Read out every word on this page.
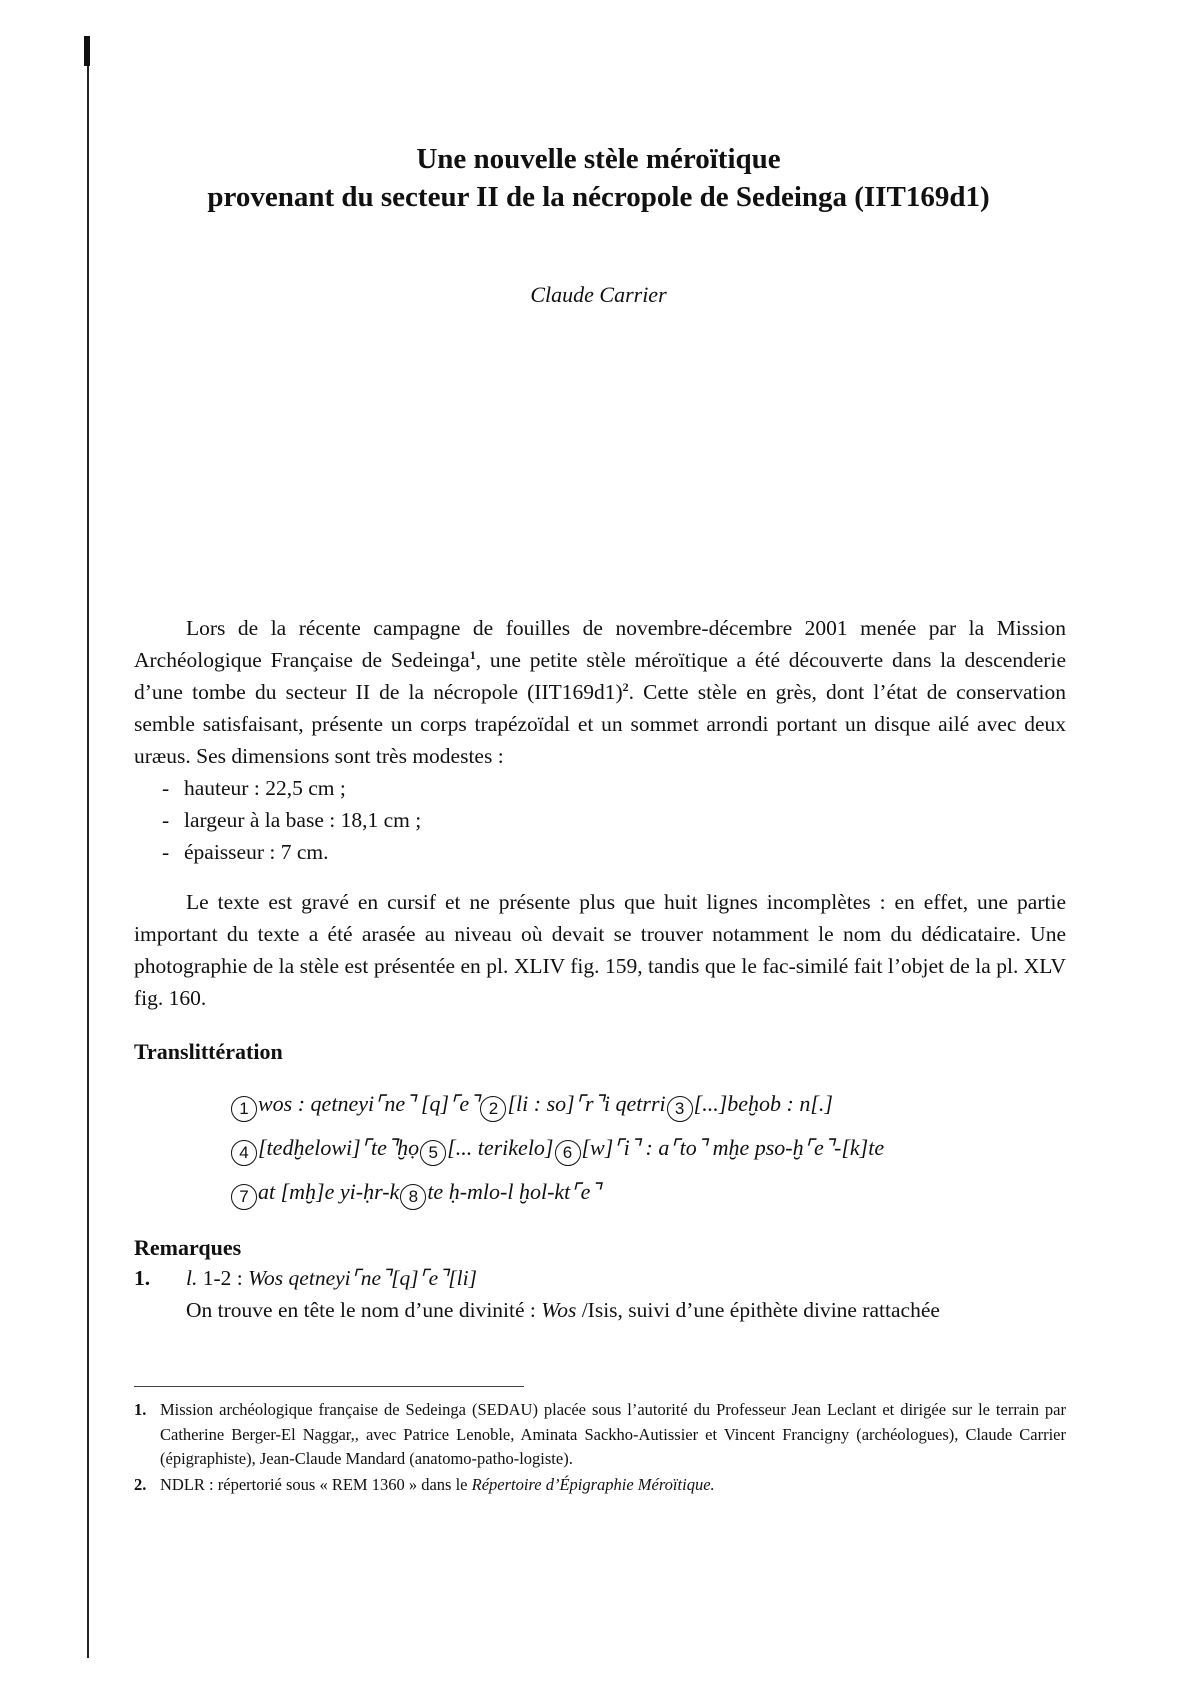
Une nouvelle stèle méroïtique
provenant du secteur II de la nécropole de Sedeinga (IIT169d1)
Claude Carrier

Lors de la récente campagne de fouilles de novembre-décembre 2001 menée par la Mission Archéologique Française de Sedeinga$^1$, une petite stèle méroïtique a été découverte dans la descenderie d’une tombe du secteur II de la nécropole $(IIT169d1)^2$. Cette stèle en grès, dont l’état de conservation semble satisfaisant, présente un corps trapézoïdal et un sommet arrondi portant un disque ailé avec deux uræus. Ses dimensions sont très modestes :

- hauteur : 22,5 cm ;
- largeur à la base : 18,1 cm ;
- épaisseur : 7 cm.

Le texte est gravé en cursif et ne présente plus que huit lignes incomplètes : en effet, une partie important du texte a été arasée au niveau où devait se trouver notamment le nom du dédicataire. Une photographie de la stèle est présentée en pl. XLIV fig. 159, tandis que le fac-similé fait l’objet de la pl. XLV fig. 160.

Translittération
1 wos : qetneyi⌜ne⌝ [q]⌜e⌝ 2 [li : so]⌜r⌝i qetrri 3 [...]beḫob : n[.]
4 [tedḫelowi]⌜te⌝ḫọ 5 [... terikelo] 6 [w]⌜i⌝ : a⌜to⌝ mḫe pso-ḫ⌜e⌝-[k]te
7 at [mḫ]e yi-ḥr-k 8 te ḥ-mlo-l ḫol-kt⌜e⌝
Remarques
1.	l. 1-2 : Wos qetneyi⌜ne⌝[q]⌜e⌝[li]
On trouve en tête le nom d’une divinité : Wos /Isis, suivi d’une épithète divine rattachée
1. Mission archéologique française de Sedeinga (SEDAU) placée sous l’autorité du Professeur Jean Leclant et dirigée sur le terrain par Catherine Berger-El Naggar,, avec Patrice Lenoble, Aminata Sackho-Autissier et Vincent Francigny (archéologues), Claude Carrier (épigraphiste), Jean-Claude Mandard (anatomo-patho-logiste).
2. NDLR : répertorié sous « REM 1360 » dans le Répertoire d’Épigraphie Méroïtique.
